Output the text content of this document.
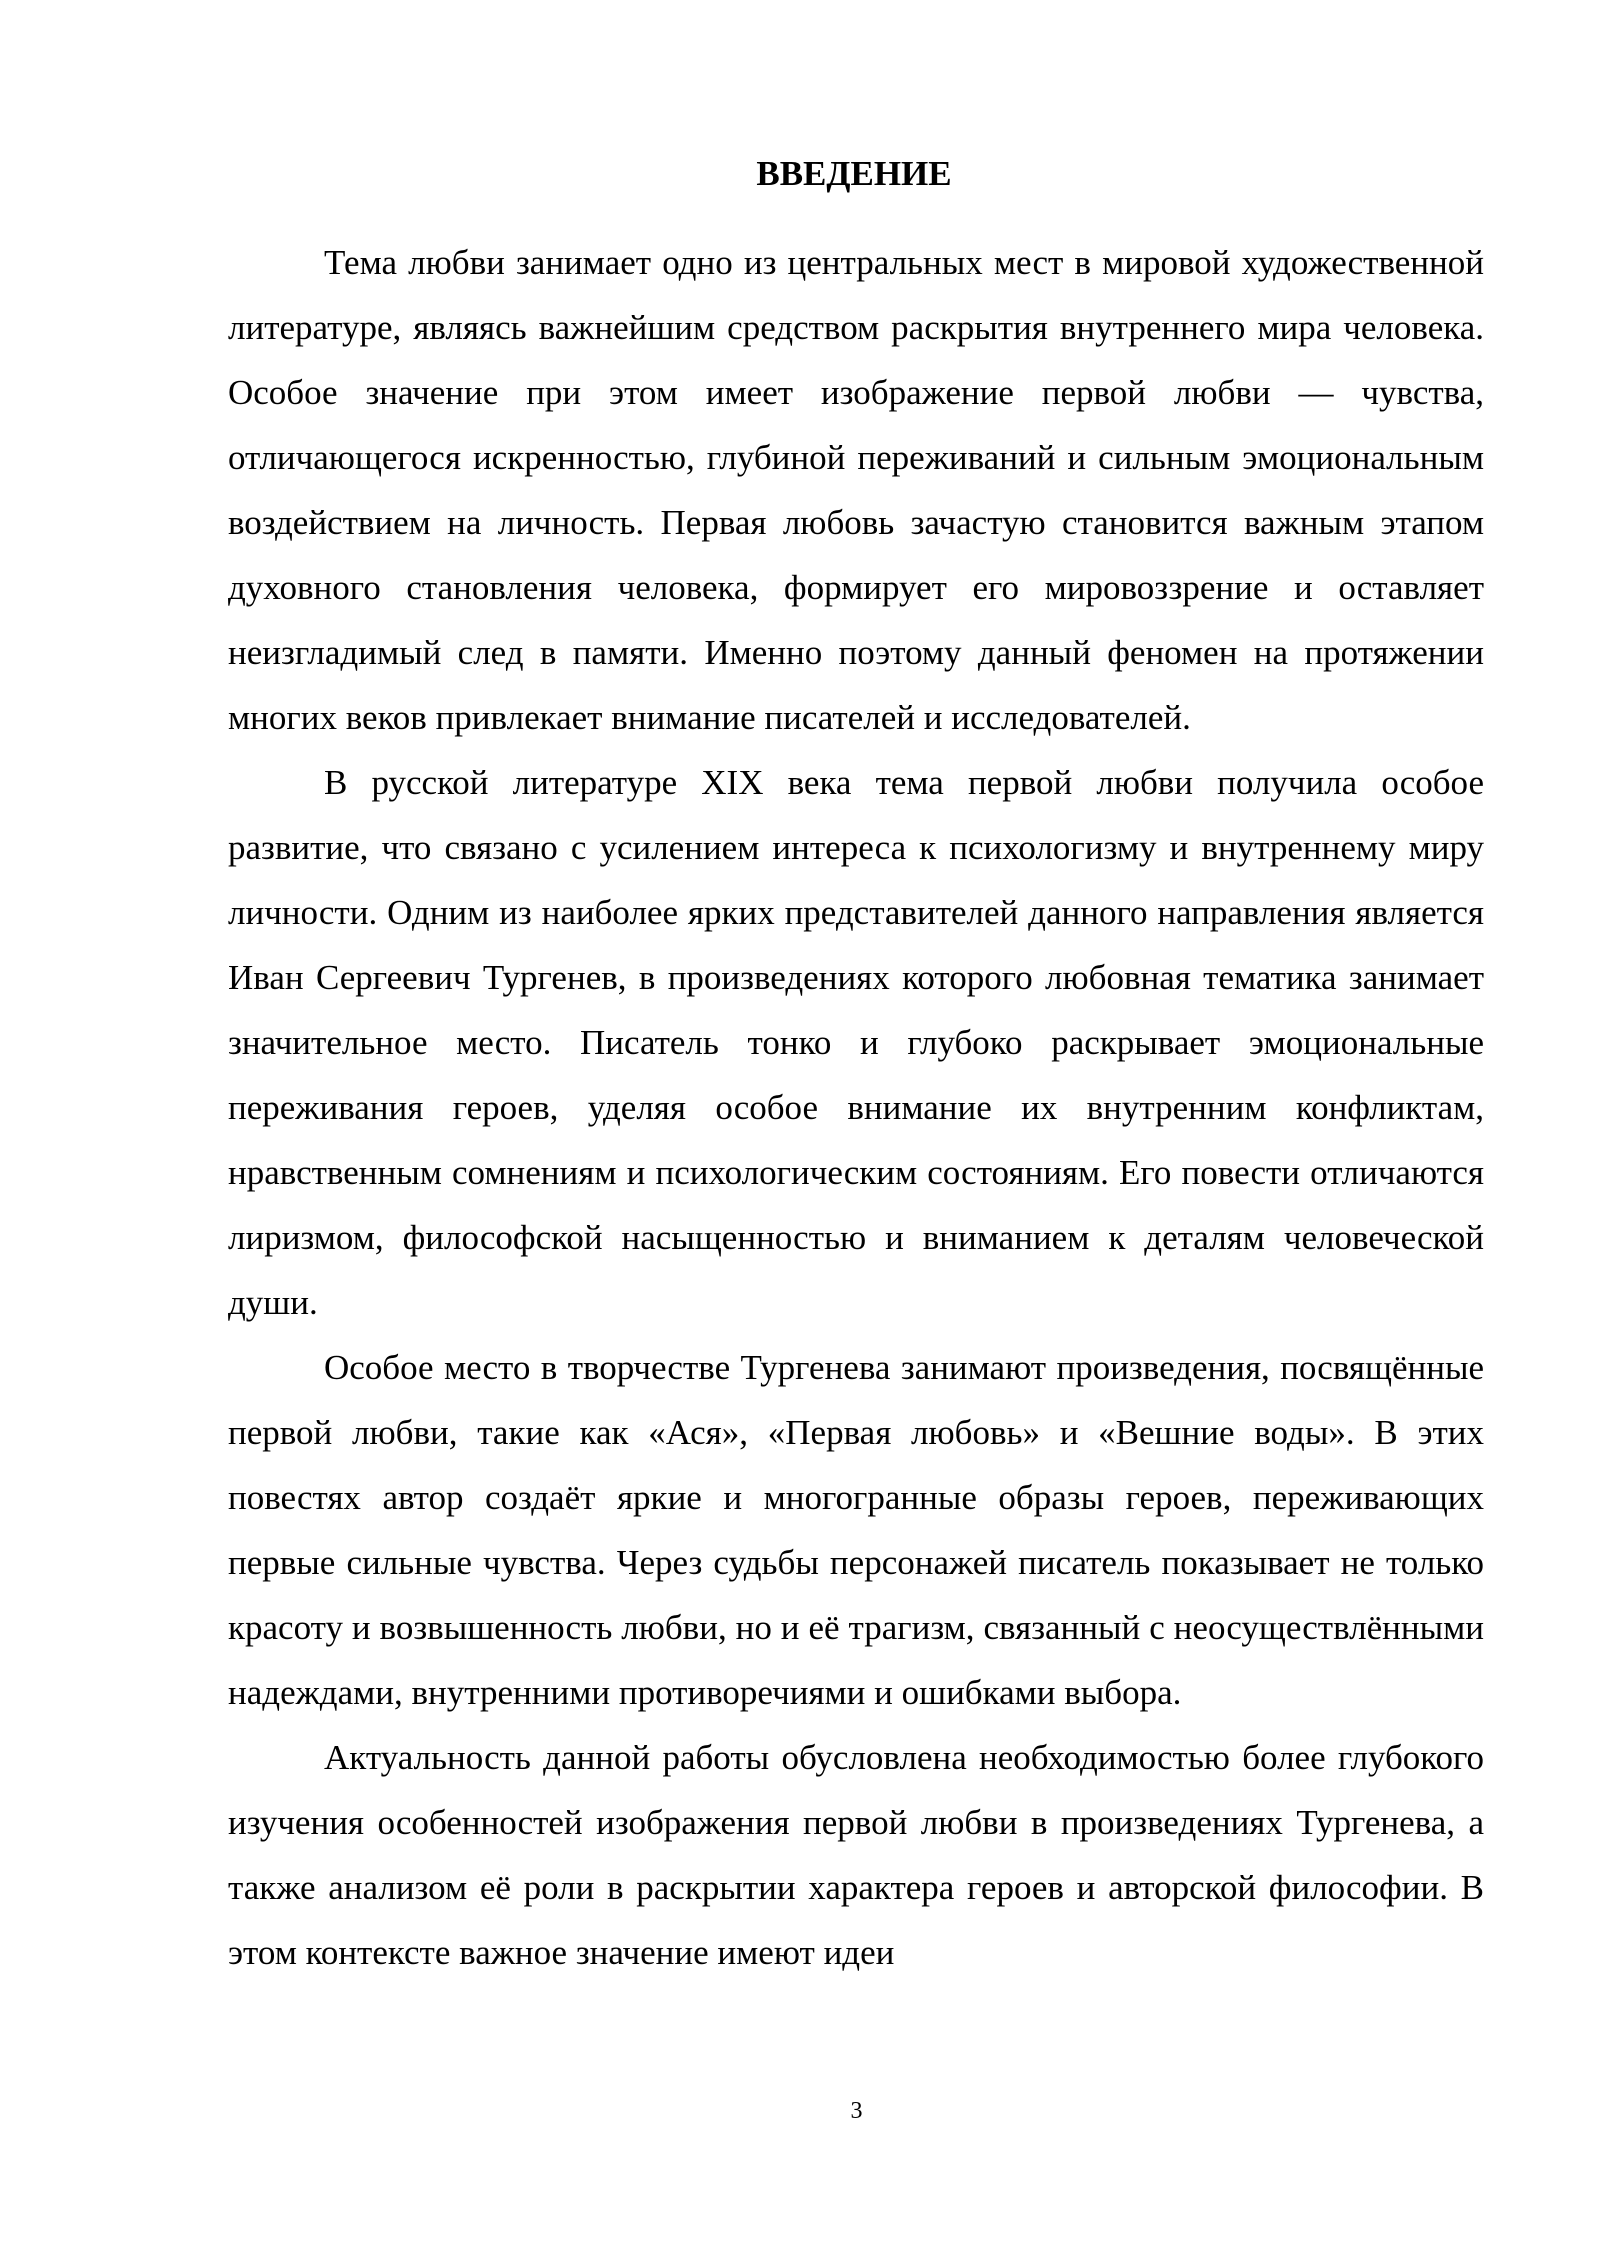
ВВЕДЕНИЕ

Тема любви занимает одно из центральных мест в мировой художественной литературе, являясь важнейшим средством раскрытия внутреннего мира человека. Особое значение при этом имеет изображение первой любви — чувства, отличающегося искренностью, глубиной переживаний и сильным эмоциональным воздействием на личность. Первая любовь зачастую становится важным этапом духовного становления человека, формирует его мировоззрение и оставляет неизгладимый след в памяти. Именно поэтому данный феномен на протяжении многих веков привлекает внимание писателей и исследователей.

В русской литературе XIX века тема первой любви получила особое развитие, что связано с усилением интереса к психологизму и внутреннему миру личности. Одним из наиболее ярких представителей данного направления является Иван Сергеевич Тургенев, в произведениях которого любовная тематика занимает значительное место. Писатель тонко и глубоко раскрывает эмоциональные переживания героев, уделяя особое внимание их внутренним конфликтам, нравственным сомнениям и психологическим состояниям. Его повести отличаются лиризмом, философской насыщенностью и вниманием к деталям человеческой души.

Особое место в творчестве Тургенева занимают произведения, посвящённые первой любви, такие как «Ася», «Первая любовь» и «Вешние воды». В этих повестях автор создаёт яркие и многогранные образы героев, переживающих первые сильные чувства. Через судьбы персонажей писатель показывает не только красоту и возвышенность любви, но и её трагизм, связанный с неосуществлёнными надеждами, внутренними противоречиями и ошибками выбора.

Актуальность данной работы обусловлена необходимостью более глубокого изучения особенностей изображения первой любви в произведениях Тургенева, а также анализом её роли в раскрытии характера героев и авторской философии. В этом контексте важное значение имеют идеи

3
